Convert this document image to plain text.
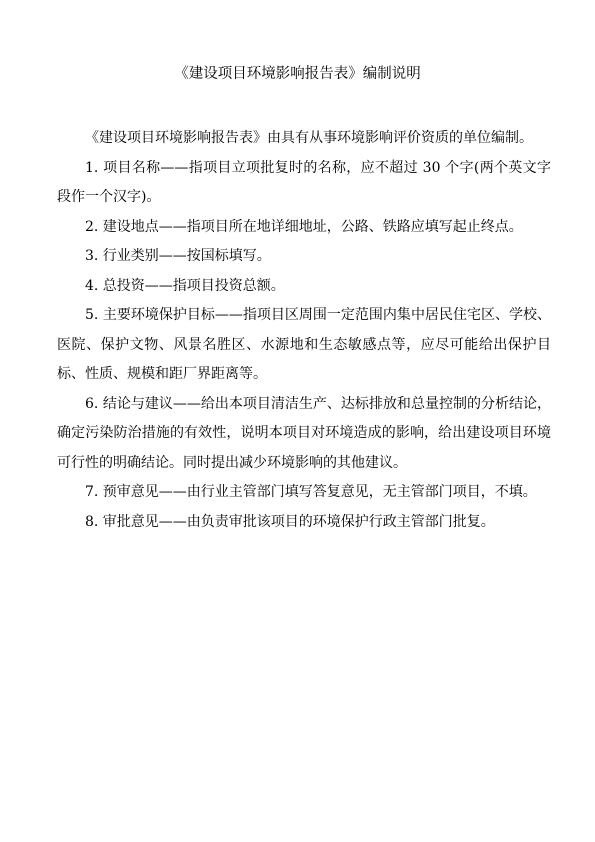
《建设项目环境影响报告表》编制说明

《建设项目环境影响报告表》由具有从事环境影响评价资质的单位编制。

1. 项目名称——指项目立项批复时的名称，应不超过 30 个字(两个英文字段作一个汉字)。

2. 建设地点——指项目所在地详细地址，公路、铁路应填写起止终点。

3. 行业类别——按国标填写。

4. 总投资——指项目投资总额。

5. 主要环境保护目标——指项目区周围一定范围内集中居民住宅区、学校、医院、保护文物、风景名胜区、水源地和生态敏感点等，应尽可能给出保护目标、性质、规模和距厂界距离等。

6. 结论与建议——给出本项目清洁生产、达标排放和总量控制的分析结论，确定污染防治措施的有效性，说明本项目对环境造成的影响，给出建设项目环境可行性的明确结论。同时提出减少环境影响的其他建议。

7. 预审意见——由行业主管部门填写答复意见，无主管部门项目，不填。

8. 审批意见——由负责审批该项目的环境保护行政主管部门批复。
